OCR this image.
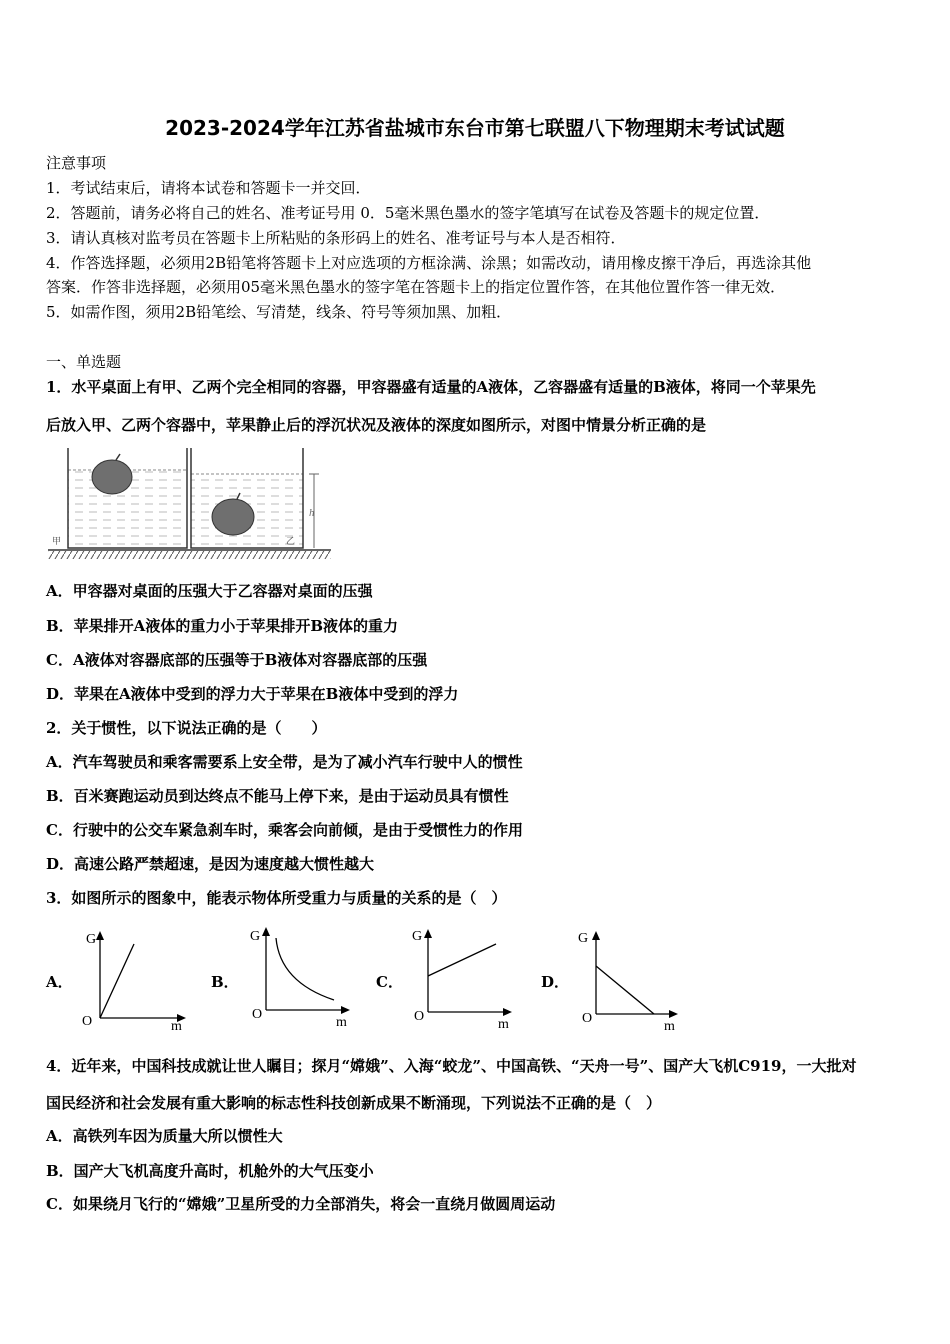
2023-2024学年江苏省盐城市东台市第七联盟八下物理期末考试试题
注意事项
1．考试结束后，请将本试卷和答题卡一并交回．
2．答题前，请务必将自己的姓名、准考证号用 0．5毫米黑色墨水的签字笔填写在试卷及答题卡的规定位置．
3．请认真核对监考员在答题卡上所粘贴的条形码上的姓名、准考证号与本人是否相符．
4．作答选择题，必须用2B铅笔将答题卡上对应选项的方框涂满、涂黑；如需改动，请用橡皮擦干净后，再选涂其他
答案．作答非选择题，必须用05毫米黑色墨水的签字笔在答题卡上的指定位置作答，在其他位置作答一律无效．
5．如需作图，须用2B铅笔绘、写清楚，线条、符号等须加黑、加粗．
一、单选题
1．水平桌面上有甲、乙两个完全相同的容器，甲容器盛有适量的A液体，乙容器盛有适量的B液体，将同一个苹果先
后放入甲、乙两个容器中，苹果静止后的浮沉状况及液体的深度如图所示，对图中情景分析正确的是
h
甲	乙
A．甲容器对桌面的压强大于乙容器对桌面的压强
B．苹果排开A液体的重力小于苹果排开B液体的重力
C．A液体对容器底部的压强等于B液体对容器底部的压强
D．苹果在A液体中受到的浮力大于苹果在B液体中受到的浮力
2．关于惯性，以下说法正确的是（　　）
A．汽车驾驶员和乘客需要系上安全带，是为了减小汽车行驶中人的惯性
B．百米赛跑运动员到达终点不能马上停下来，是由于运动员具有惯性
C．行驶中的公交车紧急刹车时，乘客会向前倾，是由于受惯性力的作用
D．高速公路严禁超速，是因为速度越大惯性越大
3．如图所示的图象中，能表示物体所受重力与质量的关系的是（　）
A．
G
O	m
B．
G
O
m
C．
G
O
m
D．
G
O
m
4．近年来，中国科技成就让世人瞩目；探月“嫦娥”、入海“蛟龙”、中国高铁、“天舟一号”、国产大飞机C919，一大批对
国民经济和社会发展有重大影响的标志性科技创新成果不断涌现，下列说法不正确的是（　）
A．高铁列车因为质量大所以惯性大
B．国产大飞机高度升高时，机舱外的大气压变小
C．如果绕月飞行的“嫦娥”卫星所受的力全部消失，将会一直绕月做圆周运动
